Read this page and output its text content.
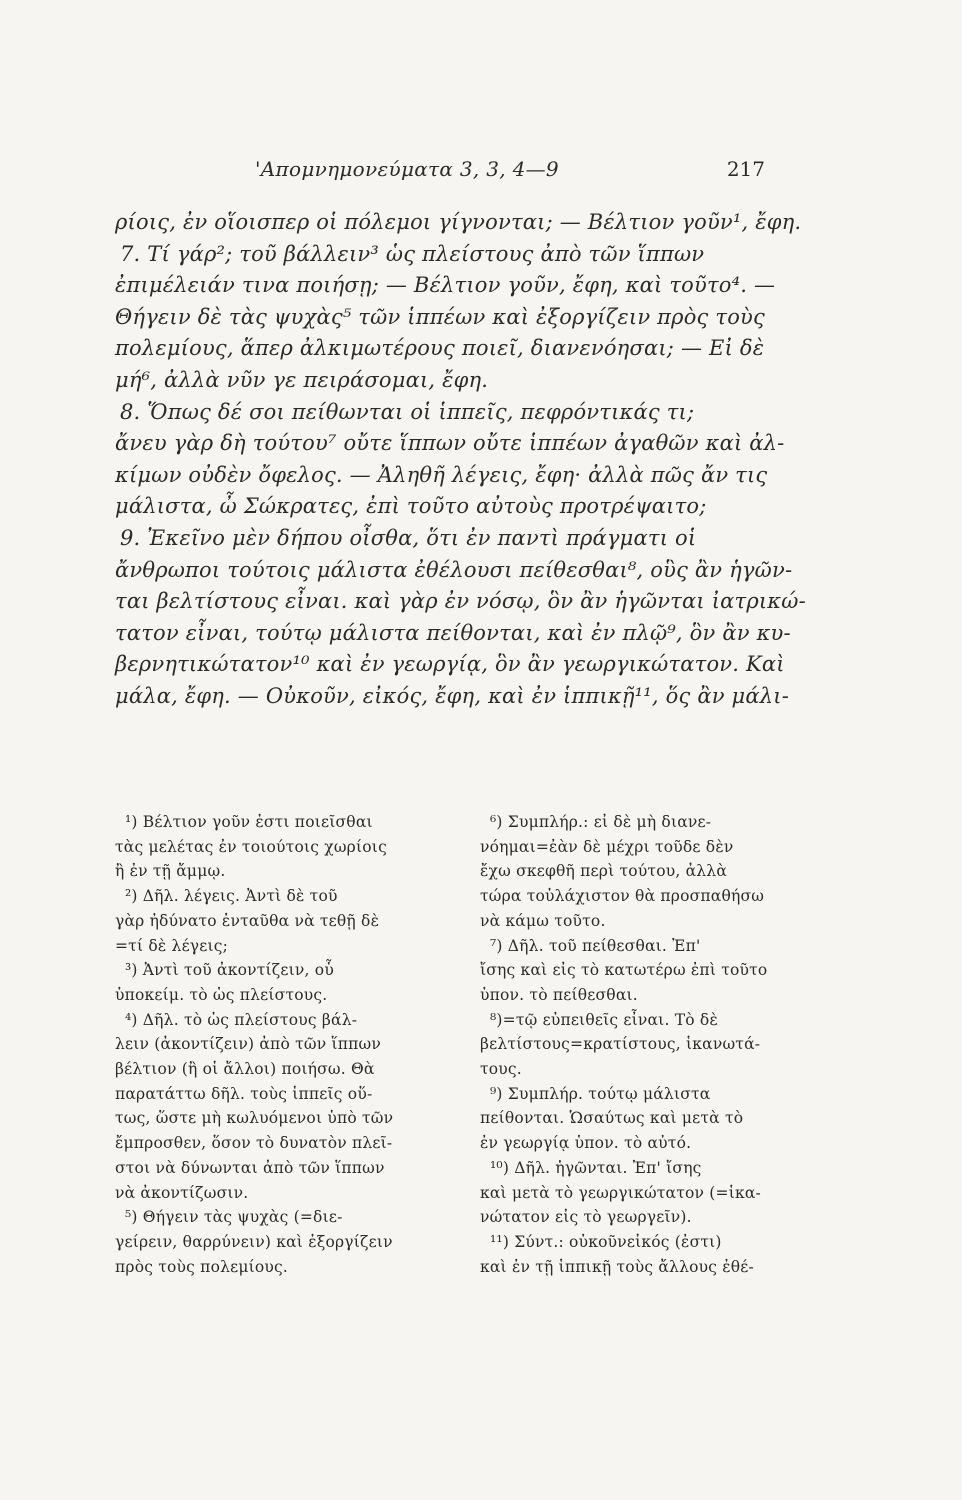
'Απομνημονεύματα 3, 3, 4—9	217
ρίοις, ἐν οἵοισπερ οἱ πόλεμοι γίγνονται; — Βέλτιον γοῦν¹, ἔφη.
7. Τί γάρ²; τοῦ βάλλειν³ ὡς πλείστους ἀπὸ τῶν ἵππων
ἐπιμέλειάν τινα ποιήσῃ; — Βέλτιον γοῦν, ἔφη, καὶ τοῦτο⁴. —
Θήγειν δὲ τὰς ψυχὰς⁵ τῶν ἱππέων καὶ ἐξοργίζειν πρὸς τοὺς
πολεμίους, ἅπερ ἀλκιμωτέρους ποιεῖ, διανενόησαι; — Εἰ δὲ
μή⁶, ἀλλὰ νῦν γε πειράσομαι, ἔφη.
8. Ὅπως δέ σοι πείθωνται οἱ ἱππεῖς, πεφρόντικάς τι;
ἄνευ γὰρ δὴ τούτου⁷ οὔτε ἵππων οὔτε ἱππέων ἀγαθῶν καὶ ἀλ-
κίμων οὐδὲν ὄφελος. — Ἀληθῆ λέγεις, ἔφη· ἀλλὰ πῶς ἄν τις
μάλιστα, ὦ Σώκρατες, ἐπὶ τοῦτο αὐτοὺς προτρέψαιτο;
9. Ἐκεῖνο μὲν δήπου οἶσθα, ὅτι ἐν παντὶ πράγματι οἱ
ἄνθρωποι τούτοις μάλιστα ἐθέλουσι πείθεσθαι⁸, οὓς ἂν ἡγῶν-
ται βελτίστους εἶναι. καὶ γὰρ ἐν νόσῳ, ὃν ἂν ἡγῶνται ἰατρικώ-
τατον εἶναι, τούτῳ μάλιστα πείθονται, καὶ ἐν πλῷ⁹, ὃν ἂν κυ-
βερνητικώτατον¹⁰ καὶ ἐν γεωργίᾳ, ὃν ἂν γεωργικώτατον. Καὶ
μάλα, ἔφη. — Οὐκοῦν, εἰκός, ἔφη, καὶ ἐν ἱππικῇ¹¹, ὅς ἂν μάλι-
¹) Βέλτιον γοῦν ἐστι ποιεῖσθαι
τὰς μελέτας ἐν τοιούτοις χωρίοις
ἢ ἐν τῇ ἄμμῳ.
²) Δῆλ. λέγεις. Ἀντὶ δὲ τοῦ
γὰρ ἠδύνατο ἐνταῦθα νὰ τεθῇ δὲ
=τί δὲ λέγεις;
³) Ἀντὶ τοῦ ἀκοντίζειν, οὗ
ὑποκείμ. τὸ ὡς πλείστους.
⁴) Δῆλ. τὸ ὡς πλείστους βάλ-
λειν (ἀκοντίζειν) ἀπὸ τῶν ἵππων
βέλτιον (ἢ οἱ ἄλλοι) ποιήσω. Θὰ
παρατάττω δῆλ. τοὺς ἱππεῖς οὕ-
τως, ὥστε μὴ κωλυόμενοι ὑπὸ τῶν
ἔμπροσθεν, ὅσον τὸ δυνατὸν πλεῖ-
στοι νὰ δύνωνται ἀπὸ τῶν ἵππων
νὰ ἀκοντίζωσιν.
⁵) Θήγειν τὰς ψυχὰς (=διε-
γείρειν, θαρρύνειν) καὶ ἐξοργίζειν
πρὸς τοὺς πολεμίους.
⁶) Συμπλήρ.: εἰ δὲ μὴ διανε-
νόημαι=ἐὰν δὲ μέχρι τοῦδε δὲν
ἔχω σκεφθῆ περὶ τούτου, ἀλλὰ
τώρα τοὐλάχιστον θὰ προσπαθήσω
νὰ κάμω τοῦτο.
⁷) Δῆλ. τοῦ πείθεσθαι. Ἐπ'
ἴσης καὶ εἰς τὸ κατωτέρω ἐπὶ τοῦτο
ὑπον. τὸ πείθεσθαι.
⁸)=τῷ εὐπειθεῖς εἶναι. Τὸ δὲ
βελτίστους=κρατίστους, ἱκανωτά-
τους.
⁹) Συμπλήρ. τούτῳ μάλιστα
πείθονται. Ὡσαύτως καὶ μετὰ τὸ
ἐν γεωργίᾳ ὑπον. τὸ αὐτό.
¹⁰) Δῆλ. ἡγῶνται. Ἐπ' ἴσης
καὶ μετὰ τὸ γεωργικώτατον (=ἱκα-
νώτατον εἰς τὸ γεωργεῖν).
¹¹) Σύντ.: οὐκοῦνεἰκός (ἐστι)
καὶ ἐν τῇ ἱππικῇ τοὺς ἄλλους ἐθέ-
